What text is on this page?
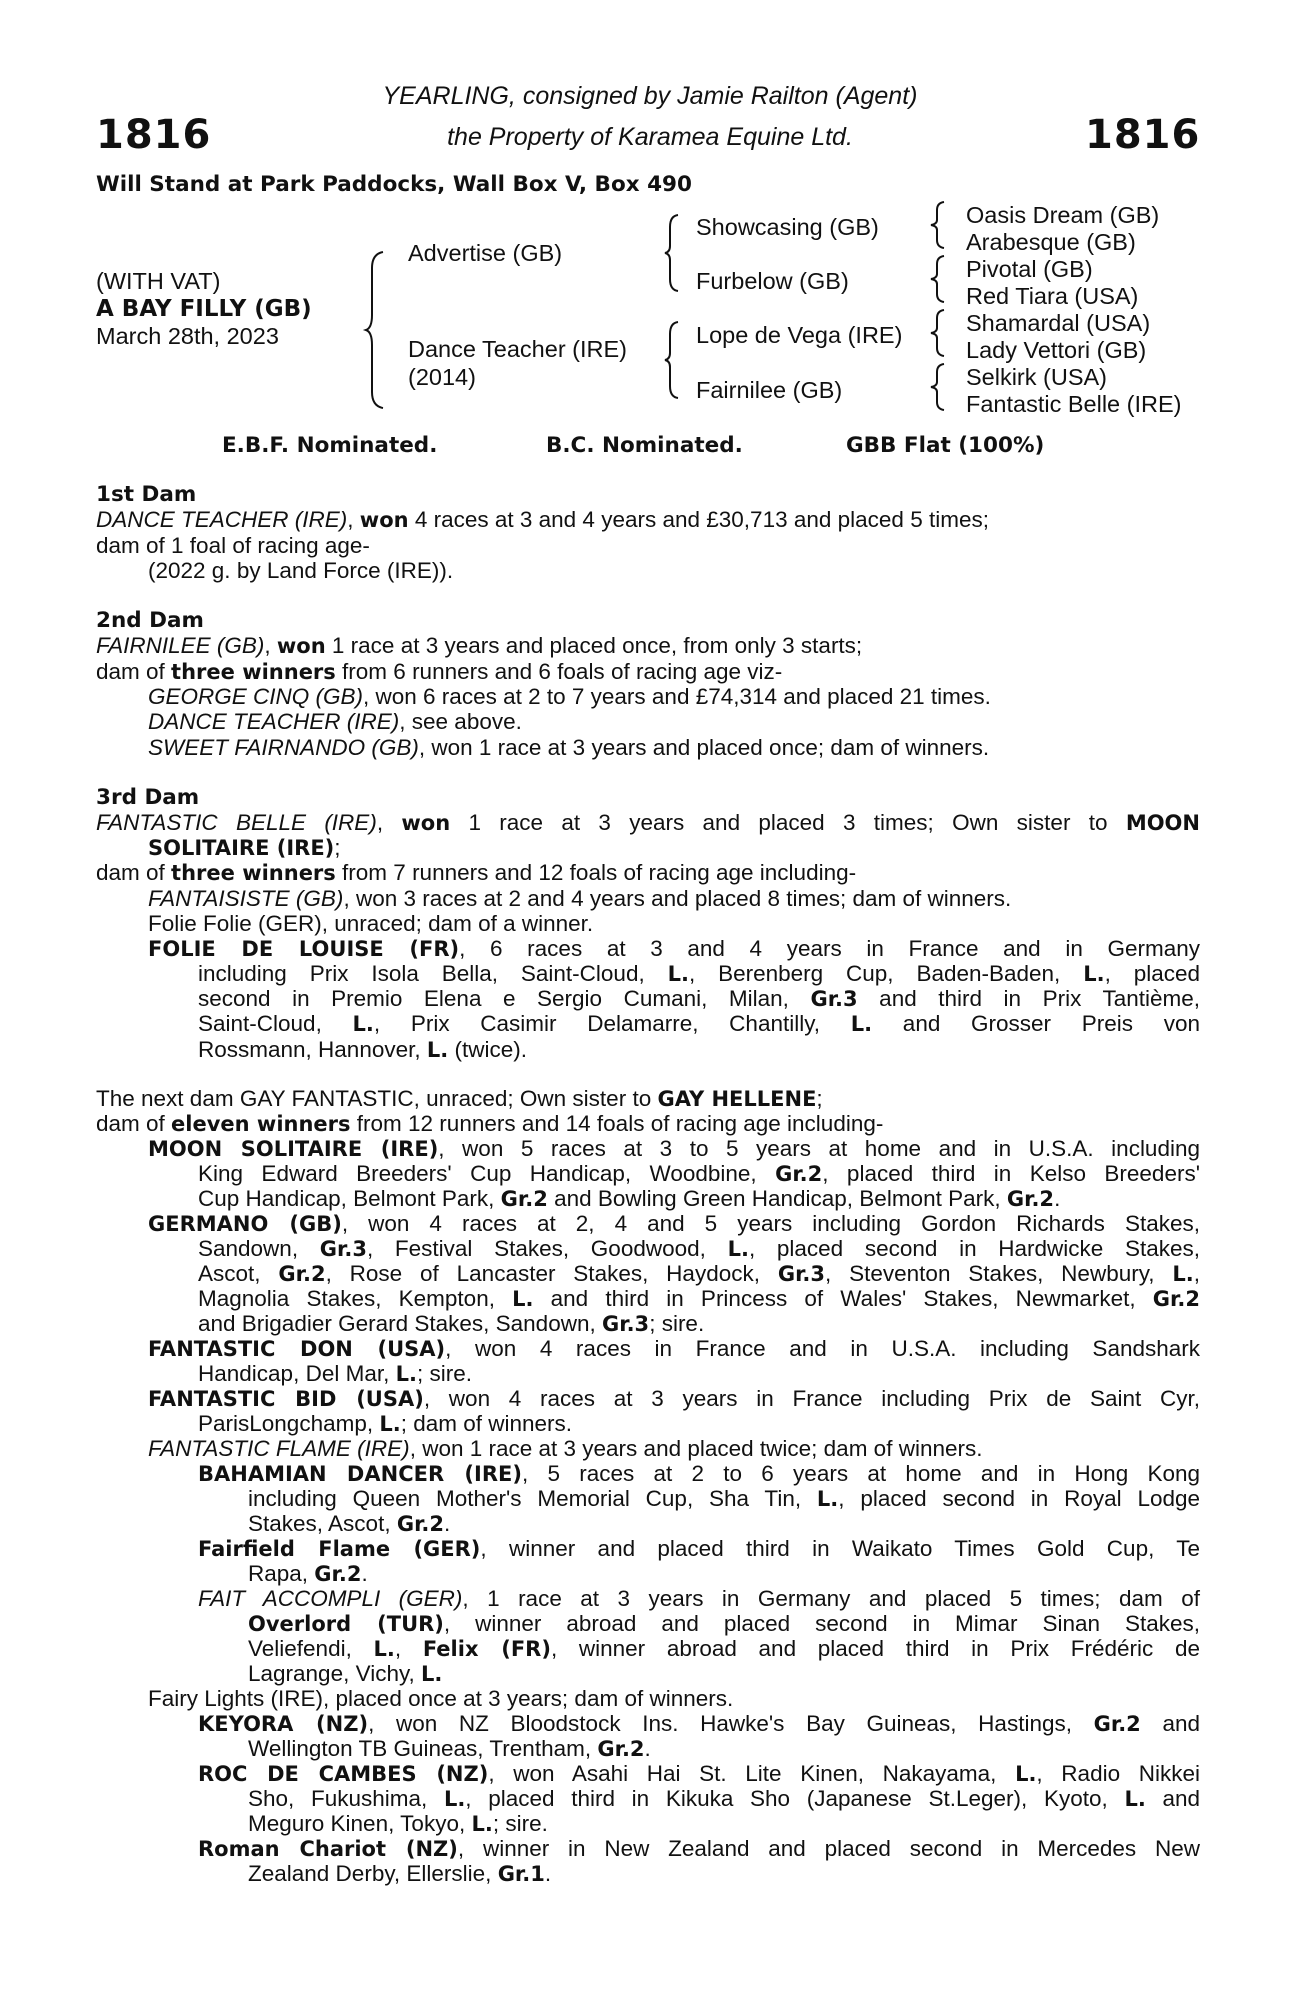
1816	1816
YEARLING, consigned by Jamie Railton (Agent)
the Property of Karamea Equine Ltd.
Will Stand at Park Paddocks, Wall Box V, Box 490
(WITH VAT)
A BAY FILLY (GB)
March 28th, 2023
Advertise (GB)
Dance Teacher (IRE)
(2014)
Showcasing (GB)
Furbelow (GB)
Lope de Vega (IRE)
Fairnilee (GB)
Oasis Dream (GB)
Arabesque (GB)
Pivotal (GB)
Red Tiara (USA)
Shamardal (USA)
Lady Vettori (GB)
Selkirk (USA)
Fantastic Belle (IRE)
E.B.F. Nominated.	B.C. Nominated.	GBB Flat (100%)
1st Dam
DANCE TEACHER (IRE), won 4 races at 3 and 4 years and £30,713 and placed 5 times;
dam of 1 foal of racing age-
(2022 g. by Land Force (IRE)).
2nd Dam
FAIRNILEE (GB), won 1 race at 3 years and placed once, from only 3 starts;
dam of three winners from 6 runners and 6 foals of racing age viz-
GEORGE CINQ (GB), won 6 races at 2 to 7 years and £74,314 and placed 21 times.
DANCE TEACHER (IRE), see above.
SWEET FAIRNANDO (GB), won 1 race at 3 years and placed once; dam of winners.
3rd Dam
FANTASTIC BELLE (IRE), won 1 race at 3 years and placed 3 times; Own sister to MOON
SOLITAIRE (IRE);
dam of three winners from 7 runners and 12 foals of racing age including-
FANTAISISTE (GB), won 3 races at 2 and 4 years and placed 8 times; dam of winners.
Folie Folie (GER), unraced; dam of a winner.
FOLIE DE LOUISE (FR), 6 races at 3 and 4 years in France and in Germany
including Prix Isola Bella, Saint-Cloud, L., Berenberg Cup, Baden-Baden, L., placed
second in Premio Elena e Sergio Cumani, Milan, Gr.3 and third in Prix Tantième,
Saint-Cloud, L., Prix Casimir Delamarre, Chantilly, L. and Grosser Preis von
Rossmann, Hannover, L. (twice).
The next dam GAY FANTASTIC, unraced; Own sister to GAY HELLENE;
dam of eleven winners from 12 runners and 14 foals of racing age including-
MOON SOLITAIRE (IRE), won 5 races at 3 to 5 years at home and in U.S.A. including
King Edward Breeders' Cup Handicap, Woodbine, Gr.2, placed third in Kelso Breeders'
Cup Handicap, Belmont Park, Gr.2 and Bowling Green Handicap, Belmont Park, Gr.2.
GERMANO (GB), won 4 races at 2, 4 and 5 years including Gordon Richards Stakes,
Sandown, Gr.3, Festival Stakes, Goodwood, L., placed second in Hardwicke Stakes,
Ascot, Gr.2, Rose of Lancaster Stakes, Haydock, Gr.3, Steventon Stakes, Newbury, L.,
Magnolia Stakes, Kempton, L. and third in Princess of Wales' Stakes, Newmarket, Gr.2
and Brigadier Gerard Stakes, Sandown, Gr.3; sire.
FANTASTIC DON (USA), won 4 races in France and in U.S.A. including Sandshark
Handicap, Del Mar, L.; sire.
FANTASTIC BID (USA), won 4 races at 3 years in France including Prix de Saint Cyr,
ParisLongchamp, L.; dam of winners.
FANTASTIC FLAME (IRE), won 1 race at 3 years and placed twice; dam of winners.
BAHAMIAN DANCER (IRE), 5 races at 2 to 6 years at home and in Hong Kong
including Queen Mother's Memorial Cup, Sha Tin, L., placed second in Royal Lodge
Stakes, Ascot, Gr.2.
Fairfield Flame (GER), winner and placed third in Waikato Times Gold Cup, Te
Rapa, Gr.2.
FAIT ACCOMPLI (GER), 1 race at 3 years in Germany and placed 5 times; dam of
Overlord (TUR), winner abroad and placed second in Mimar Sinan Stakes,
Veliefendi, L., Felix (FR), winner abroad and placed third in Prix Frédéric de
Lagrange, Vichy, L.
Fairy Lights (IRE), placed once at 3 years; dam of winners.
KEYORA (NZ), won NZ Bloodstock Ins. Hawke's Bay Guineas, Hastings, Gr.2 and
Wellington TB Guineas, Trentham, Gr.2.
ROC DE CAMBES (NZ), won Asahi Hai St. Lite Kinen, Nakayama, L., Radio Nikkei
Sho, Fukushima, L., placed third in Kikuka Sho (Japanese St.Leger), Kyoto, L. and
Meguro Kinen, Tokyo, L.; sire.
Roman Chariot (NZ), winner in New Zealand and placed second in Mercedes New
Zealand Derby, Ellerslie, Gr.1.
